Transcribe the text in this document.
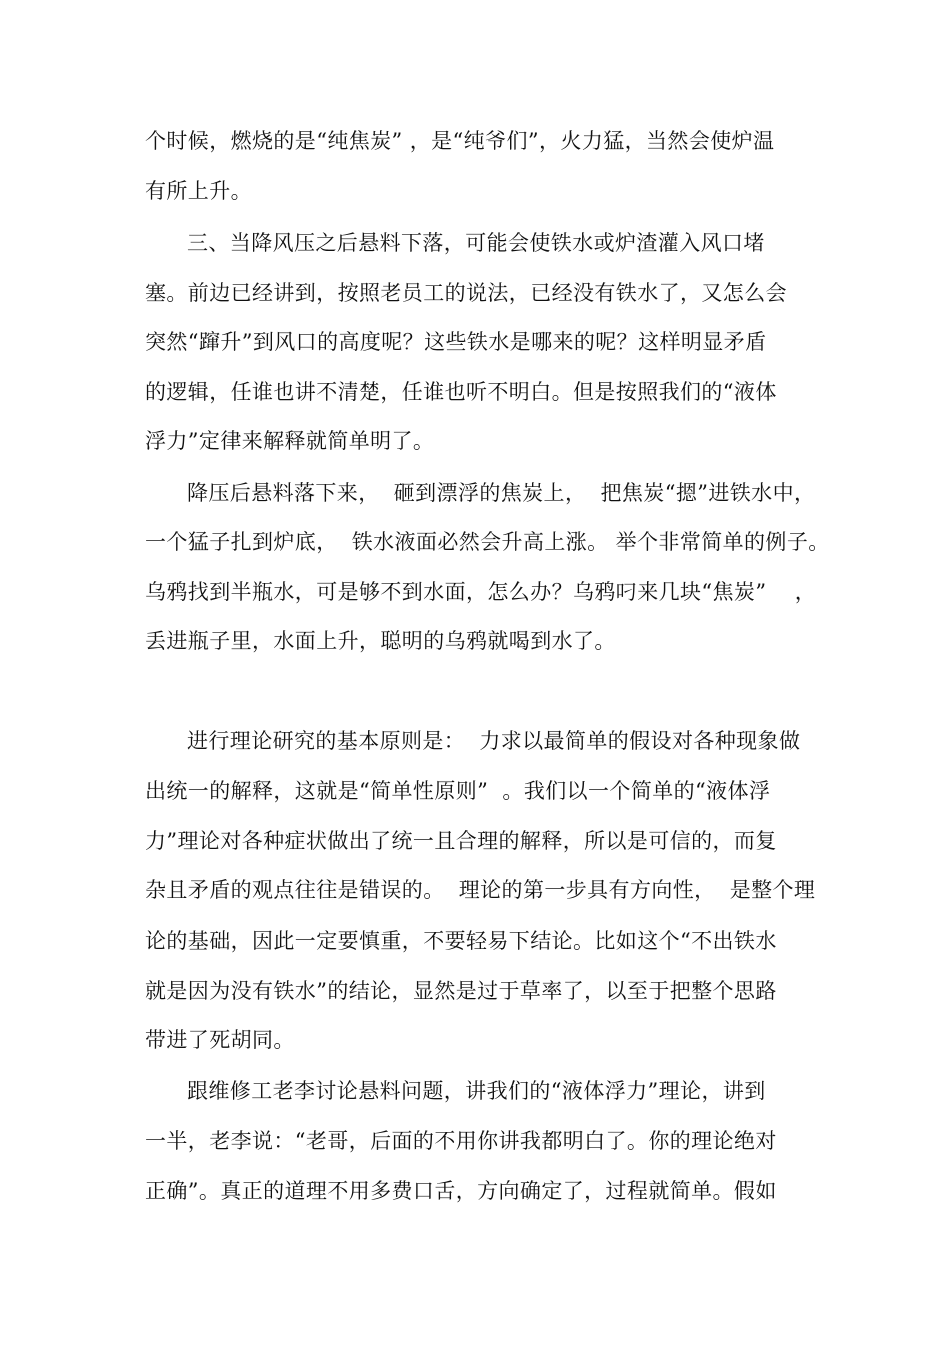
个时候，燃烧的是“纯焦炭” ，是“纯爷们”，火力猛，当然会使炉温
有所上升。
三、当降风压之后悬料下落，可能会使铁水或炉渣灌入风口堵
塞。前边已经讲到，按照老员工的说法，已经没有铁水了，又怎么会
突然“蹿升”到风口的高度呢？这些铁水是哪来的呢？这样明显矛盾
的逻辑，任谁也讲不清楚，任谁也听不明白。但是按照我们的“液体
浮力”定律来解释就简单明了。
降压后悬料落下来，  砸到漂浮的焦炭上，  把焦炭“摁”进铁水中，
一个猛子扎到炉底，  铁水液面必然会升高上涨。 举个非常简单的例子。
乌鸦找到半瓶水，可是够不到水面，怎么办？乌鸦叼来几块“焦炭”    ，
丢进瓶子里，水面上升，聪明的乌鸦就喝到水了。
进行理论研究的基本原则是：  力求以最简单的假设对各种现象做
出统一的解释，这就是“简单性原则”  。我们以一个简单的“液体浮
力”理论对各种症状做出了统一且合理的解释，所以是可信的，而复
杂且矛盾的观点往往是错误的。  理论的第一步具有方向性，  是整个理
论的基础，因此一定要慎重，不要轻易下结论。比如这个“不出铁水
就是因为没有铁水”的结论，显然是过于草率了，以至于把整个思路
带进了死胡同。
跟维修工老李讨论悬料问题，讲我们的“液体浮力”理论，讲到
一半，老李说：“老哥，后面的不用你讲我都明白了。你的理论绝对
正确”。真正的道理不用多费口舌，方向确定了，过程就简单。假如
